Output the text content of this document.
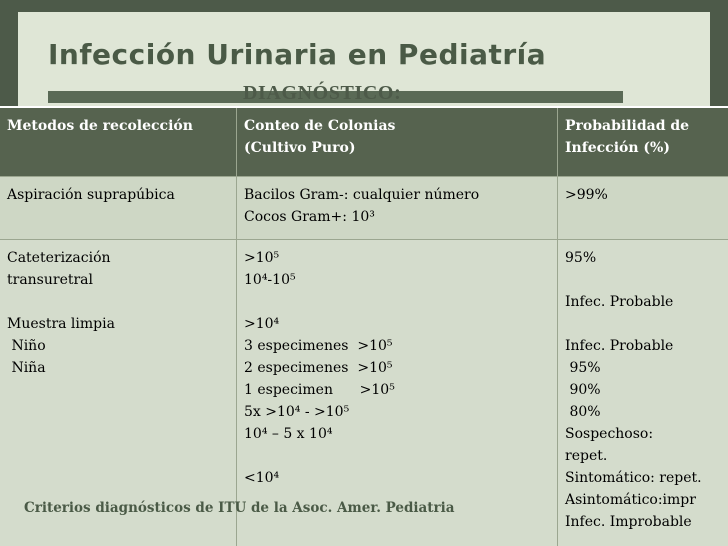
Infección Urinaria en Pediatría
DIAGNÓSTICO:
Metodos de recolección	Conteo de Colonias
(Cultivo Puro)
Probabilidad de
Infección (%)
Aspiración suprapúbica	Bacilos Gram-: cualquier número
Cocos Gram+: 10³
>99%
Cateterización
transuretral

Muestra limpia
Niño
Niña
>10⁵
10⁴-10⁵

>10⁴
3 especimenes  >10⁵
2 especimenes  >10⁵
1 especimen      >10⁵
5x >10⁴ - >10⁵
10⁴ – 5 x 10⁴

<10⁴
95%

Infec. Probable

Infec. Probable
95%
90%
80%
Sospechoso:
repet.
Sintomático: repet.
Asintomático:impr
Infec. Improbable
Criterios diagnósticos de ITU de la Asoc. Amer. Pediatria
